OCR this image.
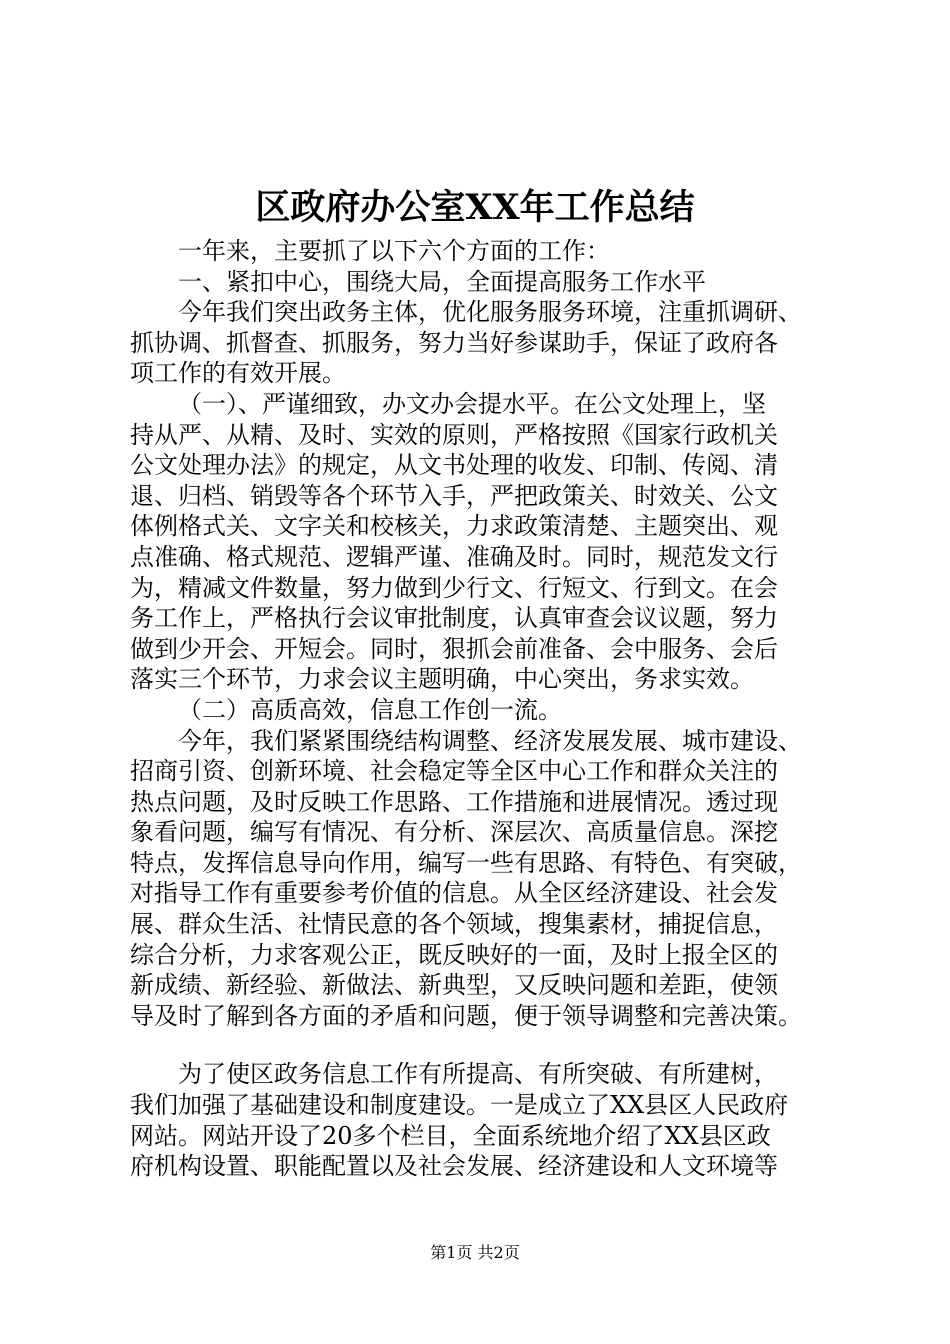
区政府办公室XX年工作总结
一年来，主要抓了以下六个方面的工作：
一、紧扣中心，围绕大局，全面提高服务工作水平
今年我们突出政务主体，优化服务服务环境，注重抓调研、
抓协调、抓督查、抓服务，努力当好参谋助手，保证了政府各
项工作的有效开展。
（一）、严谨细致，办文办会提水平。在公文处理上，坚
持从严、从精、及时、实效的原则，严格按照《国家行政机关
公文处理办法》的规定，从文书处理的收发、印制、传阅、清
退、归档、销毁等各个环节入手，严把政策关、时效关、公文
体例格式关、文字关和校核关，力求政策清楚、主题突出、观
点准确、格式规范、逻辑严谨、准确及时。同时，规范发文行
为，精减文件数量，努力做到少行文、行短文、行到文。在会
务工作上，严格执行会议审批制度，认真审查会议议题，努力
做到少开会、开短会。同时，狠抓会前准备、会中服务、会后
落实三个环节，力求会议主题明确，中心突出，务求实效。
（二）高质高效，信息工作创一流。
今年，我们紧紧围绕结构调整、经济发展发展、城市建设、
招商引资、创新环境、社会稳定等全区中心工作和群众关注的
热点问题，及时反映工作思路、工作措施和进展情况。透过现
象看问题，编写有情况、有分析、深层次、高质量信息。深挖
特点，发挥信息导向作用，编写一些有思路、有特色、有突破，
对指导工作有重要参考价值的信息。从全区经济建设、社会发
展、群众生活、社情民意的各个领域，搜集素材，捕捉信息，
综合分析，力求客观公正，既反映好的一面，及时上报全区的
新成绩、新经验、新做法、新典型，又反映问题和差距，使领
导及时了解到各方面的矛盾和问题，便于领导调整和完善决策。
为了使区政务信息工作有所提高、有所突破、有所建树，
我们加强了基础建设和制度建设。一是成立了XX县区人民政府
网站。网站开设了20多个栏目，全面系统地介绍了XX县区政
府机构设置、职能配置以及社会发展、经济建设和人文环境等
第1页 共2页
